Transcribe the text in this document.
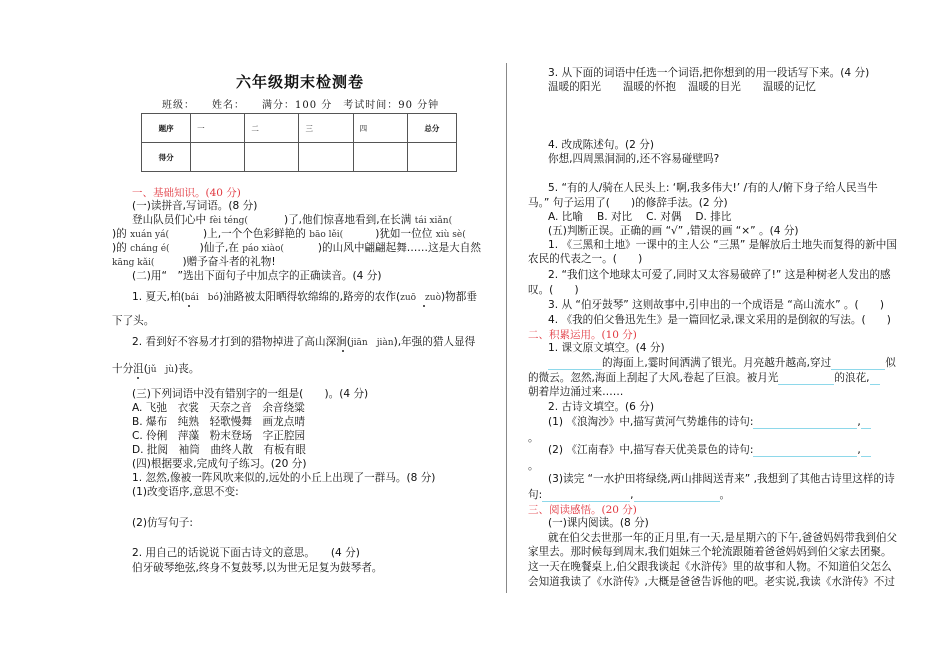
六年级期末检测卷
班级：　　姓名：　　满分：100 分　考试时间：90 分钟
题序	一	二	三	四	总分
得分					
一、基础知识。(40 分)
(一)读拼音,写词语。(8 分)
登山队员们心中 fèi téng(	)了,他们惊喜地看到,在长满 tái xiǎn(
)的 xuán yá(	)上,一个个色彩鲜艳的 bāo lěi(	)犹如一位位 xiù sè(
)的 cháng é(	)仙子,在 páo xiào(	)的山风中翩翩起舞……这是大自然
kāng kǎi(	)赠予奋斗者的礼物!
(二)用“　”选出下面句子中加点字的正确读音。(4 分)
1. 夏天,柏(bái　bó)油路被太阳晒得软绵绵的,路旁的农作(zuō　zuò)物都垂
下了头。
2. 看到好不容易才打到的猎物掉进了高山深涧(jiān　jiàn),年强的猎人显得
十分沮(jǔ　jù)丧。
(三)下列词语中没有错别字的一组是(　　)。(4 分)
A. 飞弛　衣裳　天奈之音　余音绕粱
B. 爆布　纯熟　轻歌慢舞　画龙点晴
C. 伶俐　萍藻　粉末登场　字正腔园
D. 批阅　袖筒　曲终人散　有板有眼
(四)根据要求,完成句子练习。(20 分)
1. 忽然,像被一阵风吹来似的,远处的小丘上出现了一群马。(8 分)
(1)改变语序,意思不变:
(2)仿写句子:
2. 用自己的话说说下面古诗文的意思。　　(4 分)
伯牙破琴绝弦,终身不复鼓琴,以为世无足复为鼓琴者。
3. 从下面的词语中任选一个词语,把你想到的用一段话写下来。(4 分)
温暖的阳光 温暖的怀抱 温暖的目光 温暖的记忆
4. 改成陈述句。(2 分)
你想,四周黑洞洞的,还不容易碰壁吗?
5. “有的人/骑在人民头上: ‘啊,我多伟大!’ /有的人/俯下身子给人民当牛
马。” 句子运用了(　　)的修辞手法。(2 分)
A. 比喻　 B. 对比　 C. 对偶　 D. 排比
(五)判断正误。正确的画 “√” ,错误的画 “×” 。(4 分)
1. 《三黑和土地》一课中的主人公 “三黑” 是解放后土地失而复得的新中国
农民的代表之一。(　　)
2. “我们这个地球太可爱了,同时又太容易破碎了!” 这是种树老人发出的感
叹。(　　)
3. 从 “伯牙鼓琴” 这则故事中,引申出的一个成语是 “高山流水” 。(　　)
4. 《我的伯父鲁迅先生》是一篇回忆录,课文采用的是倒叙的写法。(　　)
二、积累运用。(10 分)
1. 课文原文填空。(4 分)
的海面上,霎时间洒满了银光。月亮越升越高,穿过	似
的微云。忽然,海面上刮起了大风,卷起了巨浪。被月光	的浪花,
朝着岸边涌过来……
2. 古诗文填空。(6 分)
(1) 《浪淘沙》中,描写黄河气势雄伟的诗句:	,
。
(2) 《江南春》中,描写春天优美景色的诗句:	,
。
(3)读完 “一水护田将绿绕,两山排闼送青来” ,我想到了其他古诗里这样的诗
句:	,	。
三、阅读感悟。(20 分)
(一)课内阅读。(8 分)
就在伯父去世那一年的正月里,有一天,是星期六的下午,爸爸妈妈带我到伯父
家里去。那时候每到周末,我们姐妹三个轮流跟随着爸爸妈妈到伯父家去团聚。
这一天在晚餐桌上,伯父跟我谈起《水浒传》里的故事和人物。不知道伯父怎么
会知道我读了《水浒传》,大概是爸爸告诉他的吧。老实说,我读《水浒传》不过
